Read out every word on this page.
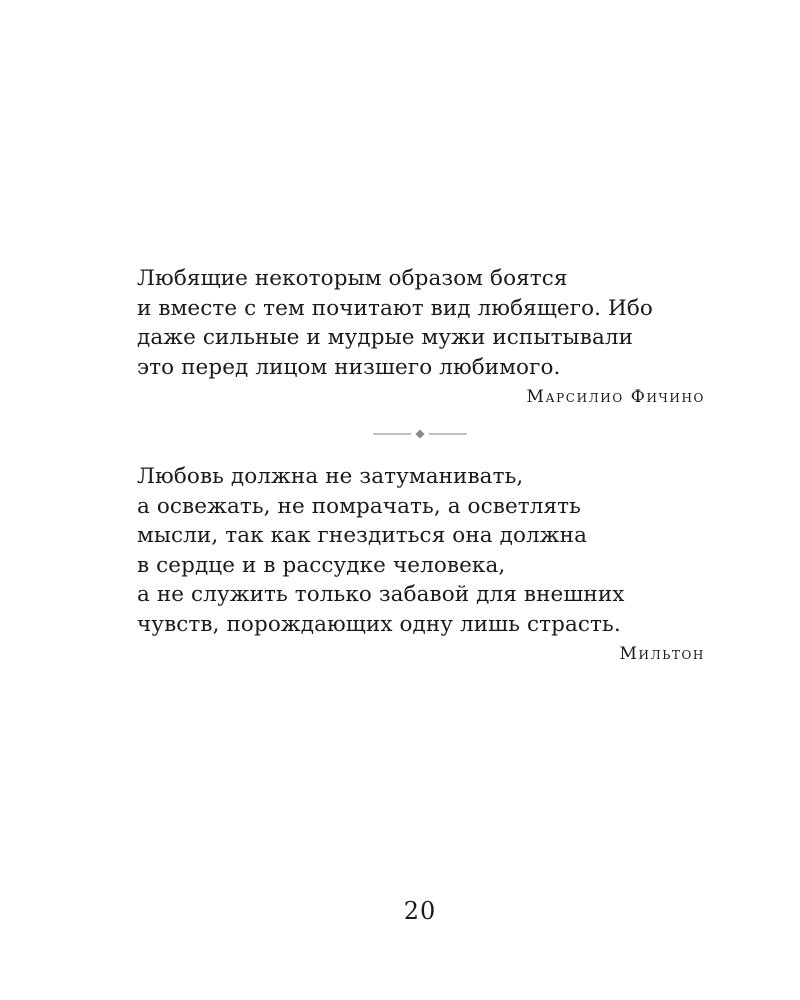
Любящие некоторым образом боятся
и вместе с тем почитают вид любящего. Ибо
даже сильные и мудрые мужи испытывали
это перед лицом низшего любимого.
Марсилио Фичино
Любовь должна не затуманивать,
а освежать, не помрачать, а осветлять
мысли, так как гнездиться она должна
в сердце и в рассудке человека,
а не служить только забавой для внешних
чувств, порождающих одну лишь страсть.
Мильтон
20
